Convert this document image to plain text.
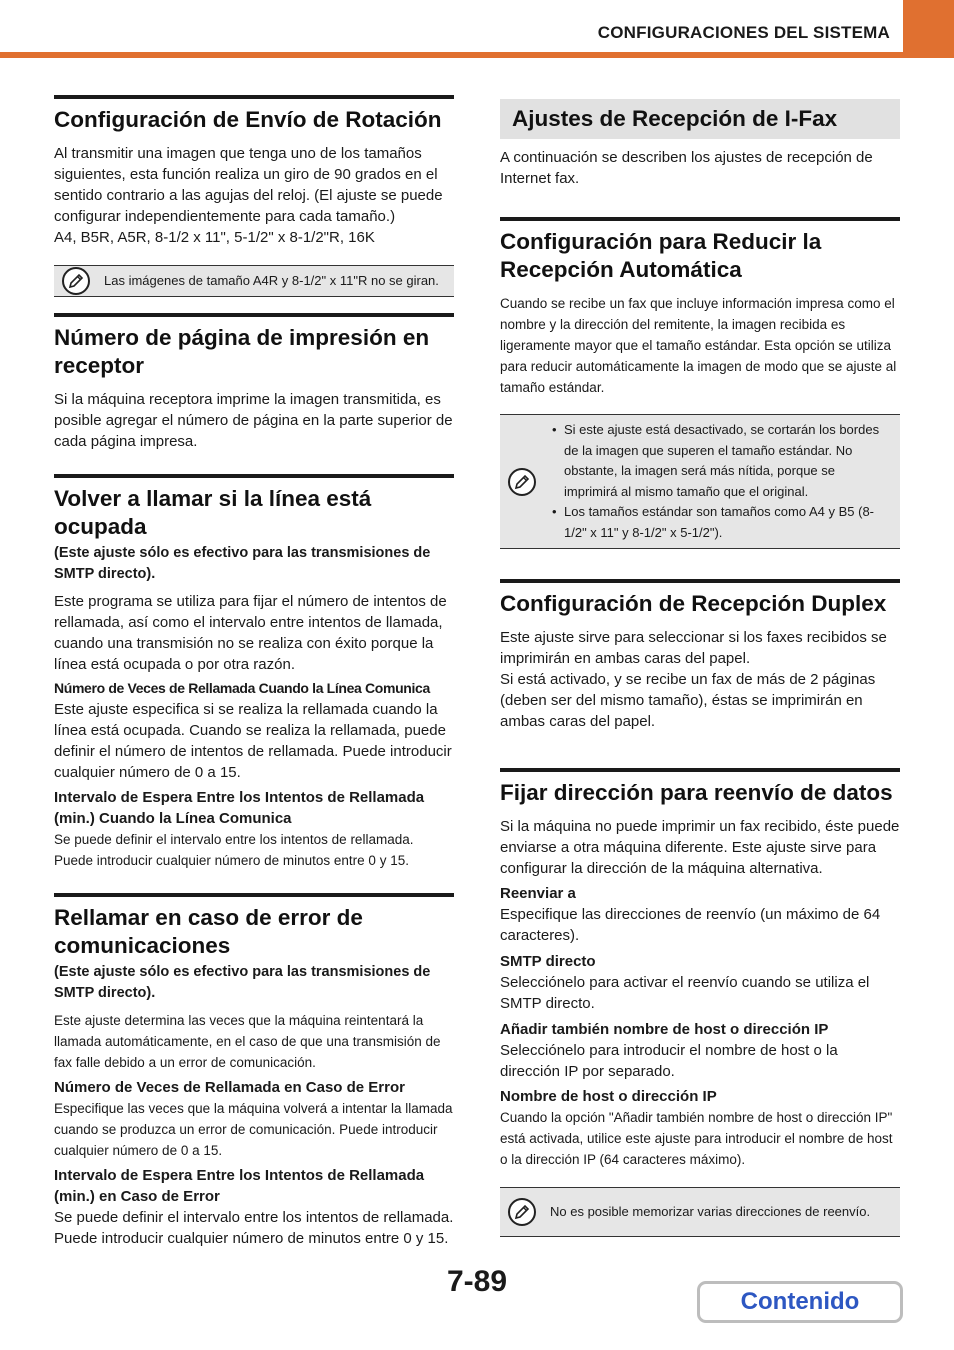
CONFIGURACIONES DEL SISTEMA
Configuración de Envío de Rotación

Al transmitir una imagen que tenga uno de los tamaños siguientes, esta función realiza un giro de 90 grados en el sentido contrario a las agujas del reloj. (El ajuste se puede configurar independientemente para cada tamaño.)

A4, B5R, A5R, 8-1/2 x 11", 5-1/2" x 8-1/2"R, 16K

Las imágenes de tamaño A4R y 8-1/2" x 11"R no se giran.

Número de página de impresión en receptor

Si la máquina receptora imprime la imagen transmitida, es posible agregar el número de página en la parte superior de cada página impresa.

Volver a llamar si la línea está ocupada

(Este ajuste sólo es efectivo para las transmisiones de SMTP directo).

Este programa se utiliza para fijar el número de intentos de rellamada, así como el intervalo entre intentos de llamada, cuando una transmisión no se realiza con éxito porque la línea está ocupada o por otra razón.

Número de Veces de Rellamada Cuando la Línea Comunica

Este ajuste especifica si se realiza la rellamada cuando la línea está ocupada. Cuando se realiza la rellamada, puede definir el número de intentos de rellamada. Puede introducir cualquier número de 0 a 15.

Intervalo de Espera Entre los Intentos de Rellamada (min.) Cuando la Línea Comunica

Se puede definir el intervalo entre los intentos de rellamada. Puede introducir cualquier número de minutos entre 0 y 15.

Rellamar en caso de error de comunicaciones

(Este ajuste sólo es efectivo para las transmisiones de SMTP directo).

Este ajuste determina las veces que la máquina reintentará la llamada automáticamente, en el caso de que una transmisión de fax falle debido a un error de comunicación.

Número de Veces de Rellamada en Caso de Error

Especifique las veces que la máquina volverá a intentar la llamada cuando se produzca un error de comunicación. Puede introducir cualquier número de 0 a 15.

Intervalo de Espera Entre los Intentos de Rellamada (min.) en Caso de Error

Se puede definir el intervalo entre los intentos de rellamada. Puede introducir cualquier número de minutos entre 0 y 15.

Ajustes de Recepción de I-Fax

A continuación se describen los ajustes de recepción de Internet fax.

Configuración para Reducir la Recepción Automática

Cuando se recibe un fax que incluye información impresa como el nombre y la dirección del remitente, la imagen recibida es ligeramente mayor que el tamaño estándar. Esta opción se utiliza para reducir automáticamente la imagen de modo que se ajuste al tamaño estándar.

• Si este ajuste está desactivado, se cortarán los bordes de la imagen que superen el tamaño estándar. No obstante, la imagen será más nítida, porque se imprimirá al mismo tamaño que el original.
• Los tamaños estándar son tamaños como A4 y B5 (8-1/2" x 11" y 8-1/2" x 5-1/2").
Configuración de Recepción Duplex

Este ajuste sirve para seleccionar si los faxes recibidos se imprimirán en ambas caras del papel.

Si está activado, y se recibe un fax de más de 2 páginas (deben ser del mismo tamaño), éstas se imprimirán en ambas caras del papel.

Fijar dirección para reenvío de datos

Si la máquina no puede imprimir un fax recibido, éste puede enviarse a otra máquina diferente. Este ajuste sirve para configurar la dirección de la máquina alternativa.

Reenviar a

Especifique las direcciones de reenvío (un máximo de 64 caracteres).

SMTP directo

Selecciónelo para activar el reenvío cuando se utiliza el SMTP directo.

Añadir también nombre de host o dirección IP

Selecciónelo para introducir el nombre de host o la dirección IP por separado.

Nombre de host o dirección IP

Cuando la opción "Añadir también nombre de host o dirección IP" está activada, utilice este ajuste para introducir el nombre de host o la dirección IP (64 caracteres máximo).

No es posible memorizar varias direcciones de reenvío.

7-89
Contenido
